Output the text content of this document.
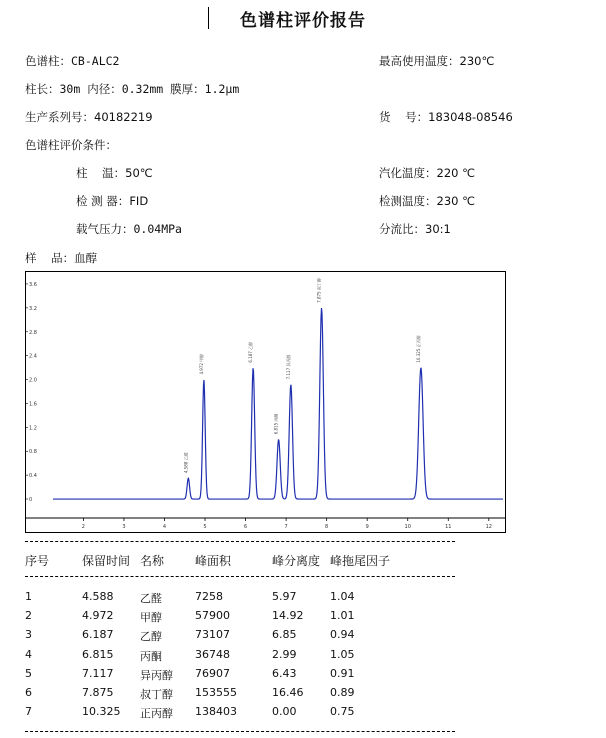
色谱柱评价报告
色谱柱：CB-ALC2	最高使用温度：230℃
柱长：30m 内径：0.32mm 膜厚：1.2μm
生产系列号：40182219	货    号：183048-08546
色谱柱评价条件：
柱    温：50℃	汽化温度：220 ℃
检 测 器：FID	检测温度：230 ℃
载气压力：0.04MPa	分流比：30:1
样    品：血醇
2	3	4	5	6	7	8	9	10	11	12
0
0.4
0.8
1.2
1.6
2.0
2.4
2.8
3.2
3.6
4.588 乙醛
4.972 甲醇
6.187 乙醇
6.815 丙酮
7.117 异丙醇
7.875 叔丁醇
10.325 正丙醇
序号	保留时间 名称	峰面积	峰分离度 峰拖尾因子
1	4.588 乙醛	7258	5.97	1.04
2	4.972 甲醇	57900	14.92 1.01
3	6.187 乙醇	73107	6.85	0.94
4	6.815 丙酮	36748	2.99	1.05
5	7.117 异丙醇 76907	6.43	0.91
6	7.875 叔丁醇 153555	16.46 0.89
7	10.325 正丙醇 138403	0.00	0.75
